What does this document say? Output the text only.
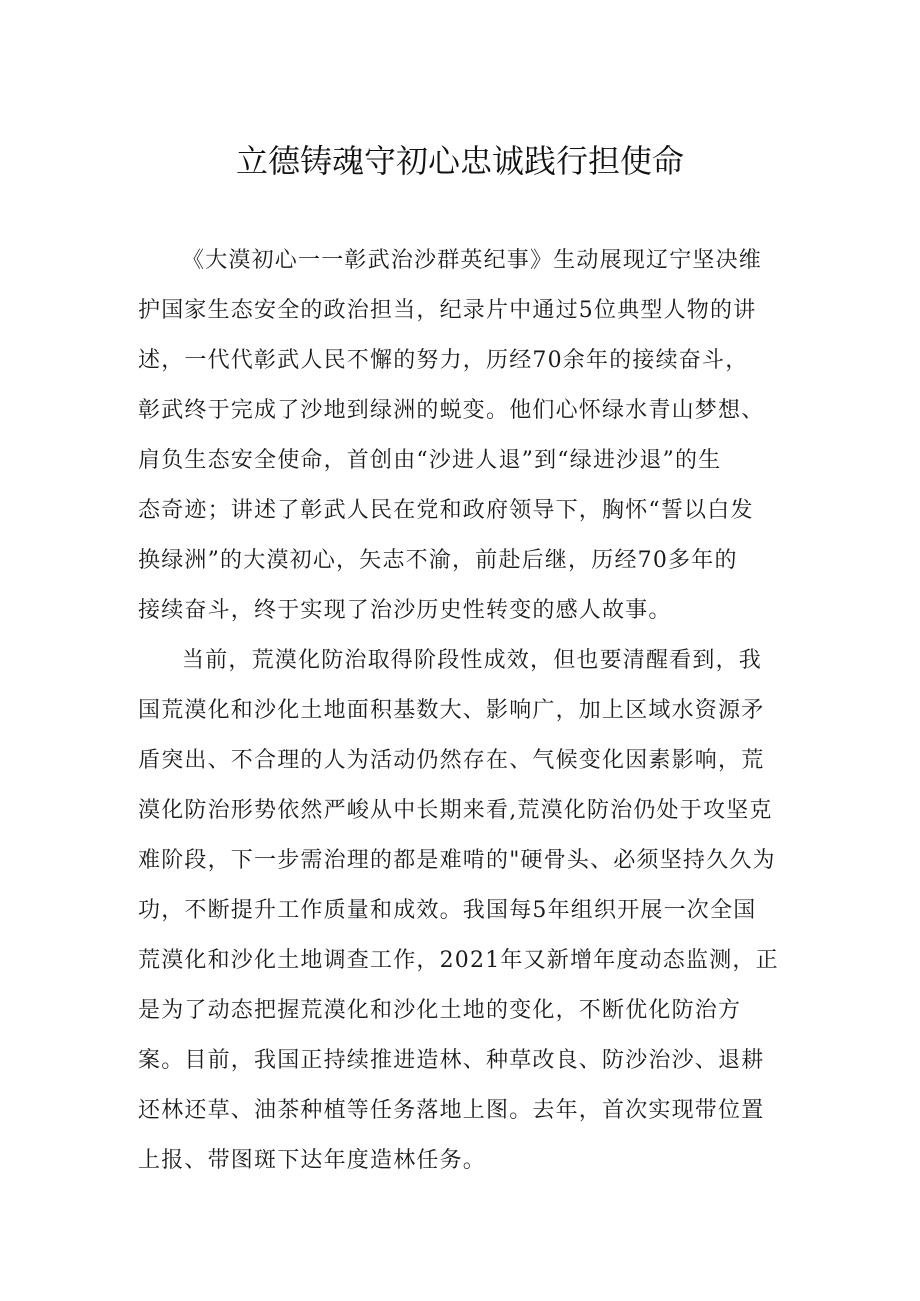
立德铸魂守初心忠诚践行担使命
《大漠初心一一彰武治沙群英纪事》生动展现辽宁坚决维
护国家生态安全的政治担当，纪录片中通过5位典型人物的讲
述，一代代彰武人民不懈的努力，历经70余年的接续奋斗，
彰武终于完成了沙地到绿洲的蜕变。他们心怀绿水青山梦想、
肩负生态安全使命，首创由“沙进人退”到“绿进沙退”的生
态奇迹；讲述了彰武人民在党和政府领导下，胸怀“誓以白发
换绿洲”的大漠初心，矢志不渝，前赴后继，历经70多年的
接续奋斗，终于实现了治沙历史性转变的感人故事。
当前，荒漠化防治取得阶段性成效，但也要清醒看到，我
国荒漠化和沙化土地面积基数大、影响广，加上区域水资源矛
盾突出、不合理的人为活动仍然存在、气候变化因素影响，荒
漠化防治形势依然严峻从中长期来看,荒漠化防治仍处于攻坚克
难阶段，下一步需治理的都是难啃的"硬骨头、必须坚持久久为
功，不断提升工作质量和成效。我国每5年组织开展一次全国
荒漠化和沙化土地调查工作，2021年又新增年度动态监测，正
是为了动态把握荒漠化和沙化土地的变化，不断优化防治方
案。目前，我国正持续推进造林、种草改良、防沙治沙、退耕
还林还草、油茶种植等任务落地上图。去年，首次实现带位置
上报、带图斑下达年度造林任务。
